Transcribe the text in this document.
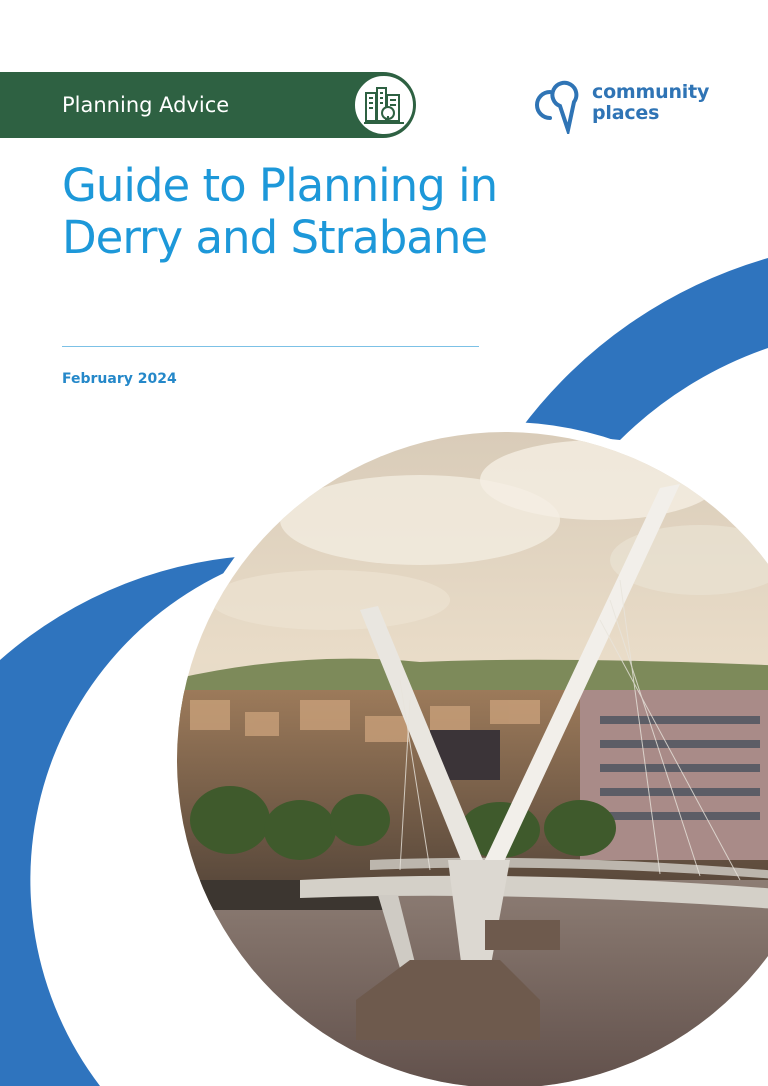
Planning Advice
community
places
Guide to Planning in
Derry and Strabane
February 2024
